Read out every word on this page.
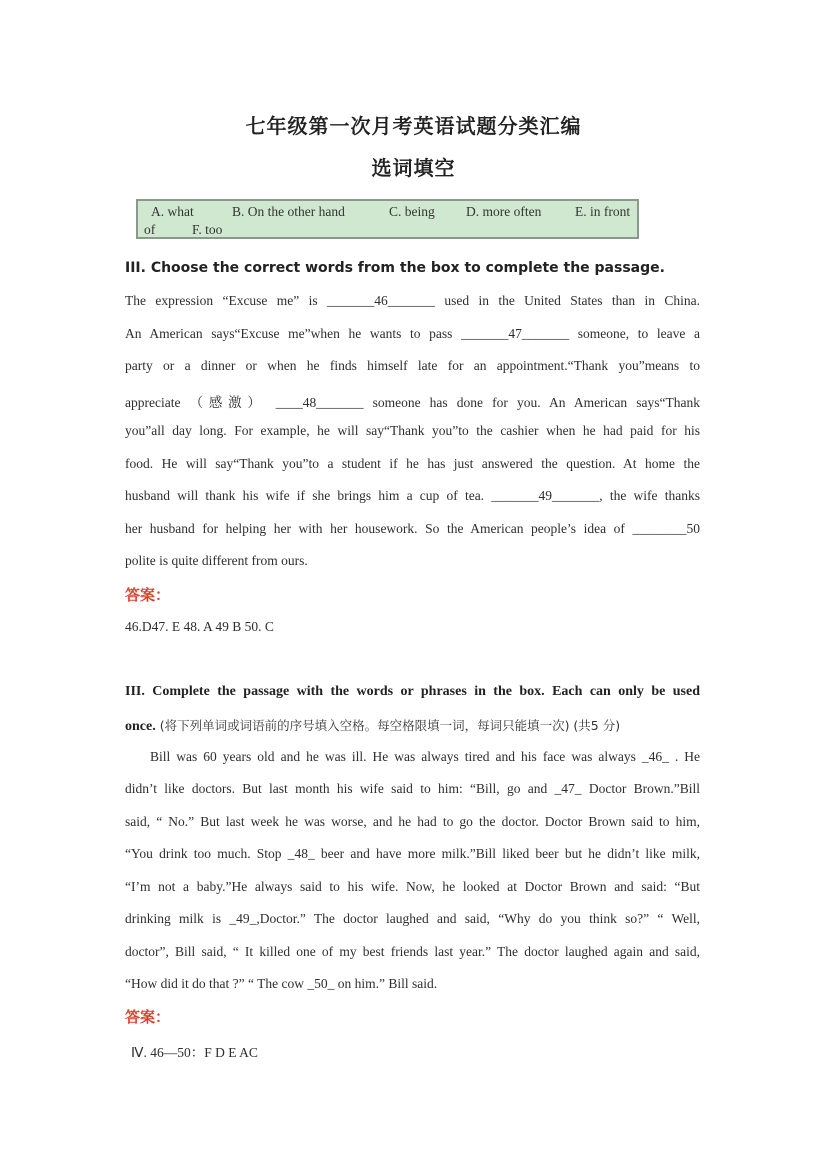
七年级第一次月考英语试题分类汇编
选词填空
A. what	B. On the other hand	C. being D. more often E. in front
of	F. too
III. Choose the correct words from the box to complete the passage.
The expression “Excuse me” is _______46_______ used in the United States than in China.
An American says“Excuse me”when he wants to pass _______47_______ someone, to leave a
party or a dinner or when he finds himself late for an appointment.“Thank you”means to
appreciate （感激） ____48_______ someone has done for you. An American says“Thank
you”all day long. For example, he will say“Thank you”to the cashier when he had paid for his
food. He will say“Thank you”to a student if he has just answered the question. At home the
husband will thank his wife if she brings him a cup of tea. _______49_______, the wife thanks
her husband for helping her with her housework. So the American people’s idea of ________50
polite is quite different from ours.
答案：
46.D47. E 48. A 49 B 50. C
III. Complete the passage with the words or phrases in the box. Each can only be used
once. (将下列单词或词语前的序号填入空格。每空格限填一词，每词只能填一次) (共5 分)
Bill was 60 years old and he was ill. He was always tired and his face was always _46_ . He
didn’t like doctors. But last month his wife said to him: “Bill, go and _47_ Doctor Brown.”Bill
said, “ No.” But last week he was worse, and he had to go the doctor. Doctor Brown said to him,
“You drink too much. Stop _48_ beer and have more milk.”Bill liked beer but he didn’t like milk,
“I’m not a baby.”He always said to his wife. Now, he looked at Doctor Brown and said: “But
drinking milk is _49_,Doctor.” The doctor laughed and said, “Why do you think so?” “ Well,
doctor”, Bill said, “ It killed one of my best friends last year.” The doctor laughed again and said,
“How did it do that ?” “ The cow _50_ on him.” Bill said.
答案：
Ⅳ. 46—50：F D E AC
